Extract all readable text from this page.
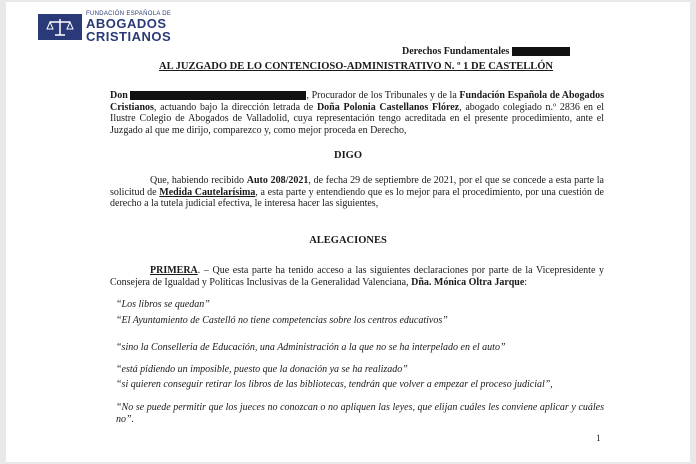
FUNDACIÓN ESPAÑOLA DE
ABOGADOS
CRISTIANOS
Derechos Fundamentales
AL JUZGADO DE LO CONTENCIOSO-ADMINISTRATIVO N. º 1 DE CASTELLÓN
Don	, Procurador de los Tribunales y de la Fundación Española de Abogados Cristianos, actuando bajo la dirección letrada de Doña Polonia Castellanos Flórez, abogado colegiado n.º 2836 en el Ilustre Colegio de Abogados de Valladolid, cuya representación tengo acreditada en el presente procedimiento, ante el Juzgado al que me dirijo, comparezco y, como mejor proceda en Derecho,
DIGO
Que, habiendo recibido Auto 208/2021, de fecha 29 de septiembre de 2021, por el que se concede a esta parte la solicitud de Medida Cautelarísima, a esta parte y entendiendo que es lo mejor para el procedimiento, por una cuestión de derecho a la tutela judicial efectiva, le interesa hacer las siguientes,
ALEGACIONES
PRIMERA. – Que esta parte ha tenido acceso a las siguientes declaraciones por parte de la Vicepresidente y Consejera de Igualdad y Políticas Inclusivas de la Generalidad Valenciana, Dña. Mónica Oltra Jarque:
“Los libros se quedan”
“El Ayuntamiento de Castelló no tiene competencias sobre los centros educativos”
“sino la Conselleria de Educación, una Administración a la que no se ha interpelado en el auto”
“está pidiendo un imposible, puesto que la donación ya se ha realizado”
“si quieren conseguir retirar los libros de las bibliotecas, tendrán que volver a empezar el proceso judicial”,
“No se puede permitir que los jueces no conozcan o no apliquen las leyes, que elijan cuáles les conviene aplicar y cuáles no”.
1
